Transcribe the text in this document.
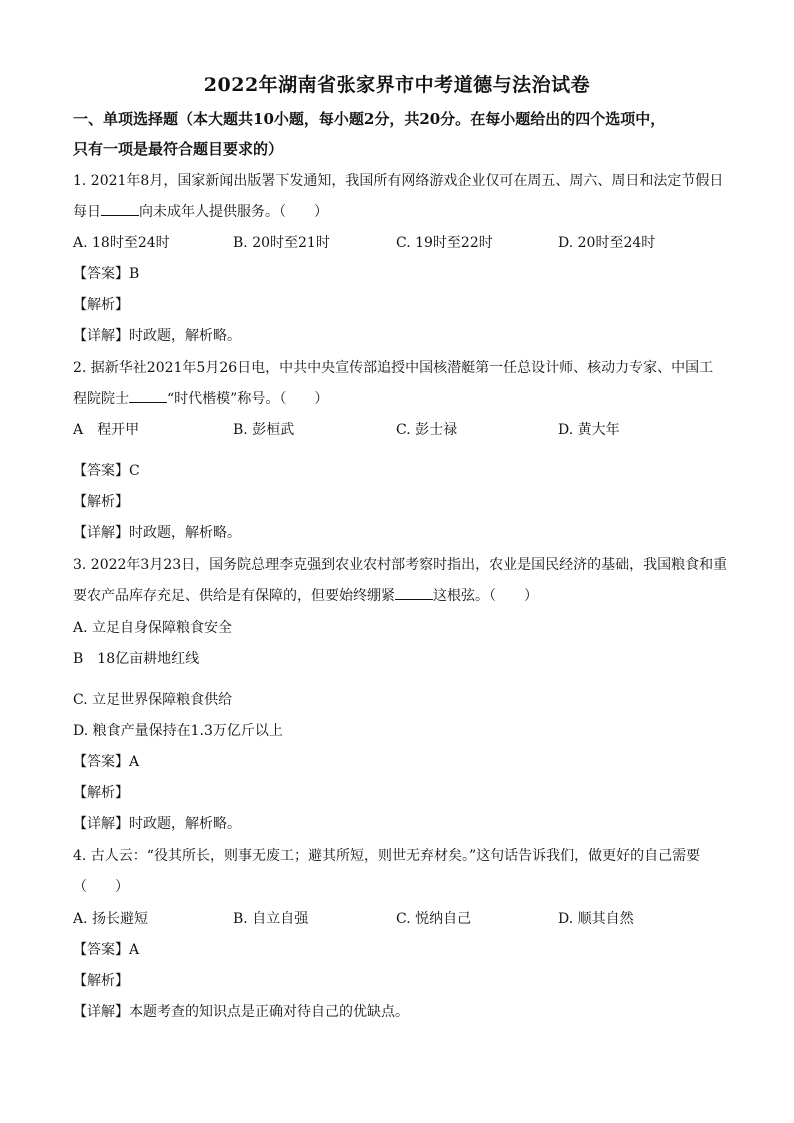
2022年湖南省张家界市中考道德与法治试卷
一、单项选择题（本大题共10小题，每小题2分，共20分。在每小题给出的四个选项中，
只有一项是最符合题目要求的）
1. 2021年8月，国家新闻出版署下发通知，我国所有网络游戏企业仅可在周五、周六、周日和法定节假日
每日	向未成年人提供服务。（　　）
A. 18时至24时	B. 20时至21时	C. 19时至22时	D. 20时至24时
【答案】B
【解析】
【详解】时政题，解析略。
2. 据新华社2021年5月26日电，中共中央宣传部追授中国核潜艇第一任总设计师、核动力专家、中国工
程院院士	“时代楷模”称号。（　　）
A　程开甲	B. 彭桓武	C. 彭士禄	D. 黄大年
【答案】C
【解析】
【详解】时政题，解析略。
3. 2022年3月23日，国务院总理李克强到农业农村部考察时指出，农业是国民经济的基础，我国粮食和重
要农产品库存充足、供给是有保障的，但要始终绷紧	这根弦。（　　）
A. 立足自身保障粮食安全
B　18亿亩耕地红线
C. 立足世界保障粮食供给
D. 粮食产量保持在1.3万亿斤以上
【答案】A
【解析】
【详解】时政题，解析略。
4. 古人云：“役其所长，则事无废工；避其所短，则世无弃材矣。”这句话告诉我们，做更好的自己需要
（　　）
A. 扬长避短	B. 自立自强	C. 悦纳自己	D. 顺其自然
【答案】A
【解析】
【详解】本题考查的知识点是正确对待自己的优缺点。
